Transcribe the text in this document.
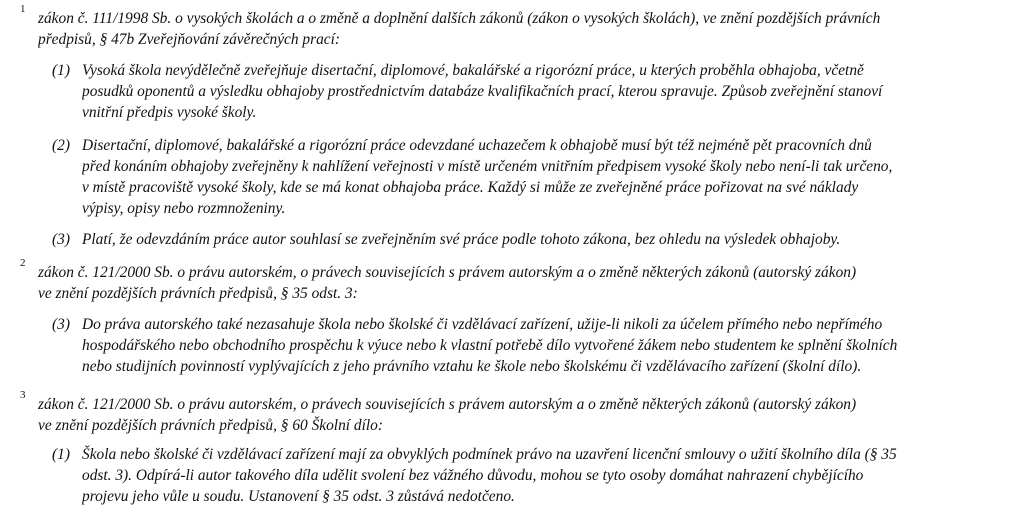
1
zákon č. 111/1998 Sb. o vysokých školách a o změně a doplnění dalších zákonů (zákon o vysokých školách), ve znění pozdějších právních
předpisů, § 47b Zveřejňování závěrečných prací:
(1) Vysoká škola nevýdělečně zveřejňuje disertační, diplomové, bakalářské a rigorózní práce, u kterých proběhla obhajoba, včetně
posudků oponentů a výsledku obhajoby prostřednictvím databáze kvalifikačních prací, kterou spravuje. Způsob zveřejnění stanoví
vnitřní předpis vysoké školy.
(2) Disertační, diplomové, bakalářské a rigorózní práce odevzdané uchazečem k obhajobě musí být též nejméně pět pracovních dnů
před konáním obhajoby zveřejněny k nahlížení veřejnosti v místě určeném vnitřním předpisem vysoké školy nebo není-li tak určeno,
v místě pracoviště vysoké školy, kde se má konat obhajoba práce. Každý si může ze zveřejněné práce pořizovat na své náklady
výpisy, opisy nebo rozmnoženiny.
(3) Platí, že odevzdáním práce autor souhlasí se zveřejněním své práce podle tohoto zákona, bez ohledu na výsledek obhajoby.
2
zákon č. 121/2000 Sb. o právu autorském, o právech souvisejících s právem autorským a o změně některých zákonů (autorský zákon)
ve znění pozdějších právních předpisů, § 35 odst. 3:
(3) Do práva autorského také nezasahuje škola nebo školské či vzdělávací zařízení, užije-li nikoli za účelem přímého nebo nepřímého
hospodářského nebo obchodního prospěchu k výuce nebo k vlastní potřebě dílo vytvořené žákem nebo studentem ke splnění školních
nebo studijních povinností vyplývajících z jeho právního vztahu ke škole nebo školskému či vzdělávacího zařízení (školní dílo).
3
zákon č. 121/2000 Sb. o právu autorském, o právech souvisejících s právem autorským a o změně některých zákonů (autorský zákon)
ve znění pozdějších právních předpisů, § 60 Školní dílo:
(1) Škola nebo školské či vzdělávací zařízení mají za obvyklých podmínek právo na uzavření licenční smlouvy o užití školního díla (§ 35
odst. 3). Odpírá-li autor takového díla udělit svolení bez vážného důvodu, mohou se tyto osoby domáhat nahrazení chybějícího
projevu jeho vůle u soudu. Ustanovení § 35 odst. 3 zůstává nedotčeno.
